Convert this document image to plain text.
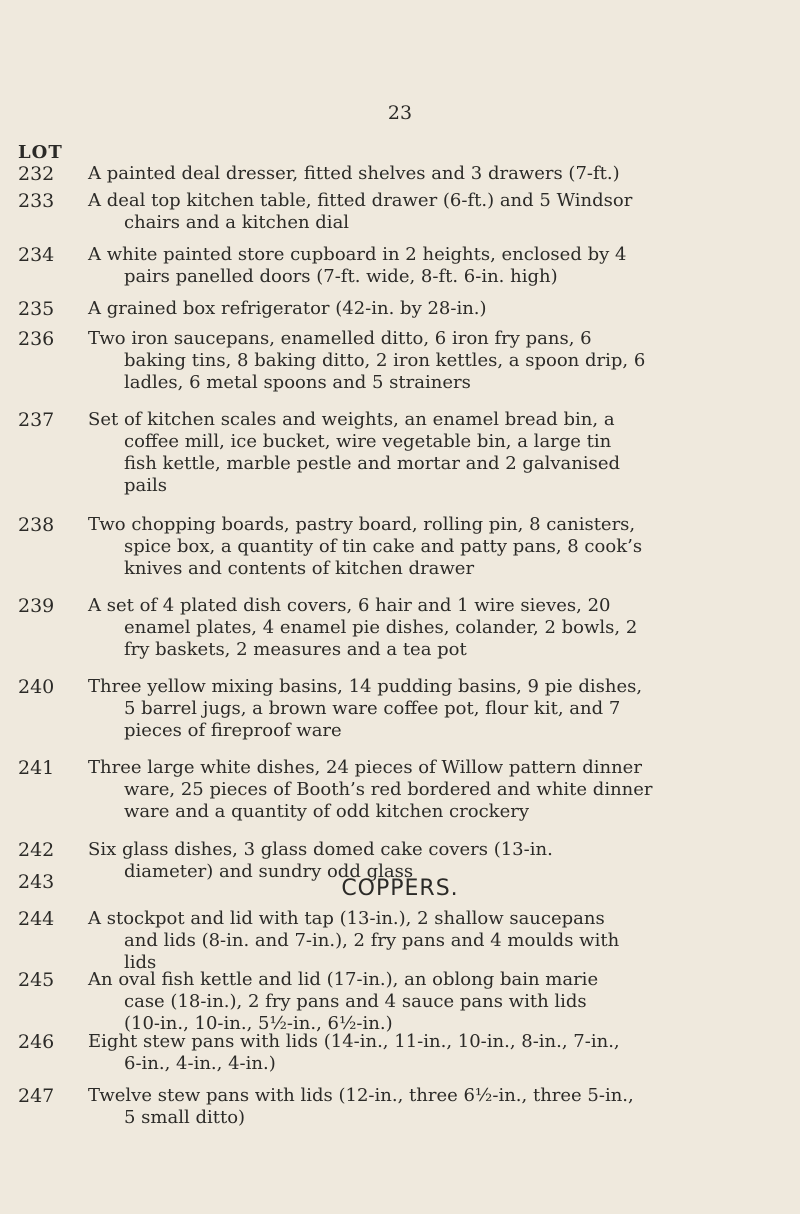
23
LOT
COPPERS.
232	A painted deal dresser, fitted shelves and 3 drawers (7-ft.)
233	A deal top kitchen table, fitted drawer (6-ft.) and 5 Windsor
chairs and a kitchen dial
234	A white painted store cupboard in 2 heights, enclosed by 4
pairs panelled doors (7-ft. wide, 8-ft. 6-in. high)
235	A grained box refrigerator (42-in. by 28-in.)
236	Two iron saucepans, enamelled ditto, 6 iron fry pans, 6
baking tins, 8 baking ditto, 2 iron kettles, a spoon drip, 6
ladles, 6 metal spoons and 5 strainers
237	Set of kitchen scales and weights, an enamel bread bin, a
coffee mill, ice bucket, wire vegetable bin, a large tin
fish kettle, marble pestle and mortar and 2 galvanised
pails
238	Two chopping boards, pastry board, rolling pin, 8 canisters,
spice box, a quantity of tin cake and patty pans, 8 cook’s
knives and contents of kitchen drawer
239	A set of 4 plated dish covers, 6 hair and 1 wire sieves, 20
enamel plates, 4 enamel pie dishes, colander, 2 bowls, 2
fry baskets, 2 measures and a tea pot
240	Three yellow mixing basins, 14 pudding basins, 9 pie dishes,
5 barrel jugs, a brown ware coffee pot, flour kit, and 7
pieces of fireproof ware
241	Three large white dishes, 24 pieces of Willow pattern dinner
ware, 25 pieces of Booth’s red bordered and white dinner
ware and a quantity of odd kitchen crockery
242	Six glass dishes, 3 glass domed cake covers (13-in.
diameter) and sundry odd glass
243
244	A stockpot and lid with tap (13-in.), 2 shallow saucepans
and lids (8-in. and 7-in.), 2 fry pans and 4 moulds with
lids
245	An oval fish kettle and lid (17-in.), an oblong bain marie
case (18-in.), 2 fry pans and 4 sauce pans with lids
(10-in., 10-in., 5½-in., 6½-in.)
246	Eight stew pans with lids (14-in., 11-in., 10-in., 8-in., 7-in.,
6-in., 4-in., 4-in.)
247	Twelve stew pans with lids (12-in., three 6½-in., three 5-in.,
5 small ditto)
